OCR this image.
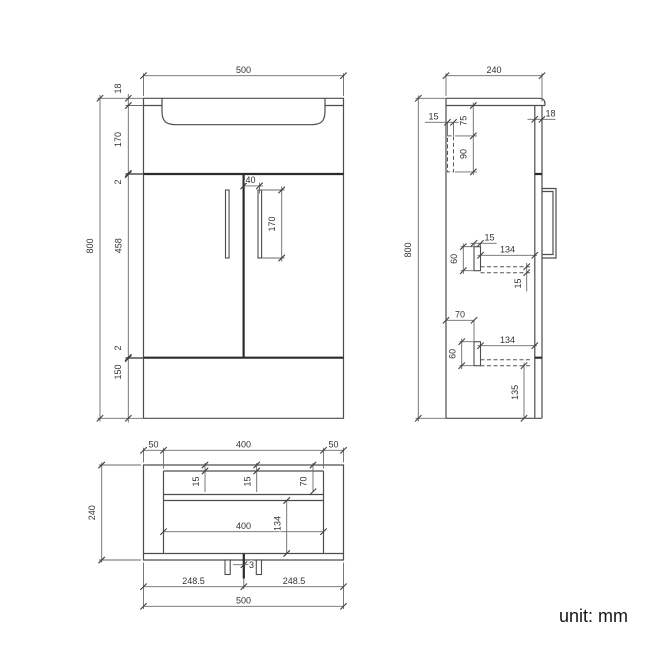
500
18
170
2
458
2
150
800
40
170
240
15 75
90
18
800
15
60
134
15
70
60
134
135
50	400	50
240
15	15	70
400 134
3
248.5	248.5
500
unit: mm
